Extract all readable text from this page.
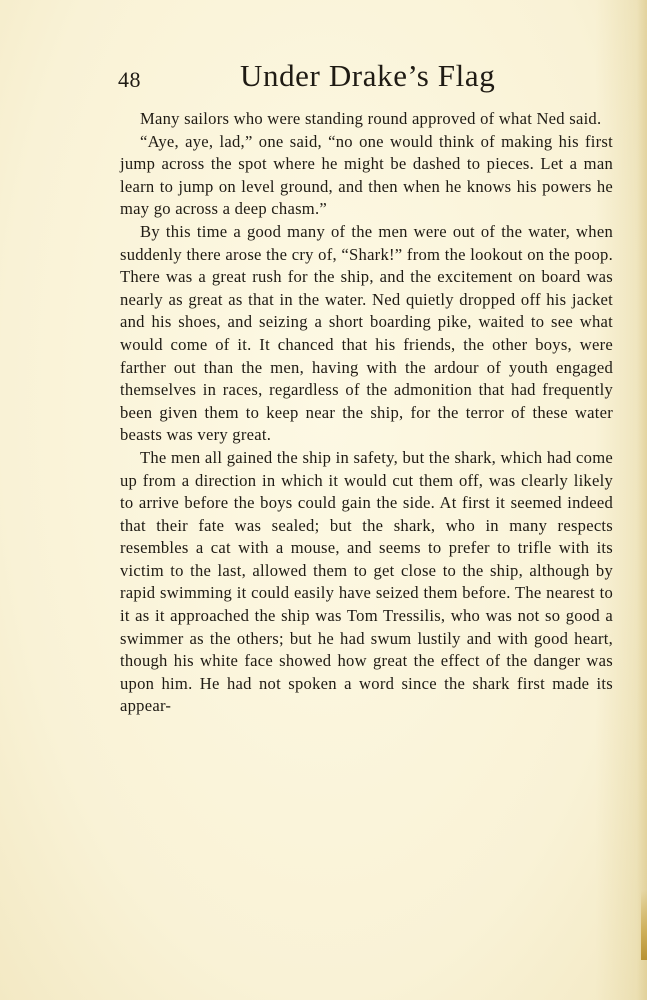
48	Under Drake’s Flag

Many sailors who were standing round approved of what Ned said.

“Aye, aye, lad,” one said, “no one would think of making his first jump across the spot where he might be dashed to pieces. Let a man learn to jump on level ground, and then when he knows his powers he may go across a deep chasm.”

By this time a good many of the men were out of the water, when suddenly there arose the cry of, “Shark!” from the lookout on the poop. There was a great rush for the ship, and the excitement on board was nearly as great as that in the water. Ned quietly dropped off his jacket and his shoes, and seizing a short boarding pike, waited to see what would come of it. It chanced that his friends, the other boys, were farther out than the men, having with the ardour of youth engaged themselves in races, regardless of the admonition that had frequently been given them to keep near the ship, for the terror of these water beasts was very great.

The men all gained the ship in safety, but the shark, which had come up from a direction in which it would cut them off, was clearly likely to arrive before the boys could gain the side. At first it seemed indeed that their fate was sealed; but the shark, who in many respects resembles a cat with a mouse, and seems to prefer to trifle with its victim to the last, allowed them to get close to the ship, although by rapid swimming it could easily have seized them before. The nearest to it as it approached the ship was Tom Tressilis, who was not so good a swimmer as the others; but he had swum lustily and with good heart, though his white face showed how great the effect of the danger was upon him. He had not spoken a word since the shark first made its appear-
